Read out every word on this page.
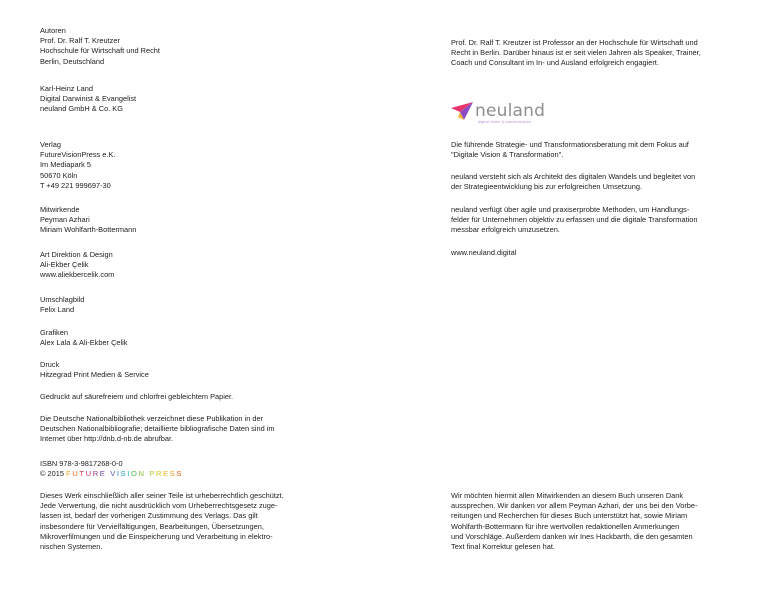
Autoren
Prof. Dr. Ralf T. Kreutzer
Hochschule für Wirtschaft und Recht
Berlin, Deutschland
Karl-Heinz Land
Digital Darwinist & Evangelist
neuland GmbH & Co. KG
Verlag
FutureVisionPress e.K.
Im Mediapark 5
50670 Köln
T +49 221 999697-30
Mitwirkende
Peyman Azhari
Miriam Wohlfarth-Bottermann
Art Direktion & Design
Ali-Ekber Çelik
www.aliekbercelik.com
Umschlagbild
Felix Land
Grafiken
Alex Lala & Ali-Ekber Çelik
Druck
Hitzegrad Print Medien & Service
Gedruckt auf säurefreiem und chlorfrei gebleichtem Papier.
Die Deutsche Nationalbibliothek verzeichnet diese Publikation in der
Deutschen Nationalbibliografie; detaillierte bibliografische Daten sind im
Internet über http://dnb.d-nb.de abrufbar.
ISBN 978-3-9817268-0-0
© 2015 FUTURE VISION PRESS
Dieses Werk einschließlich aller seiner Teile ist urheberrechtlich geschützt.
Jede Verwertung, die nicht ausdrücklich vom Urheberrechtsgesetz zuge-
lassen ist, bedarf der vorherigen Zustimmung des Verlags. Das gilt
insbesondere für Vervielfältigungen, Bearbeitungen, Übersetzungen,
Mikroverfilmungen und die Einspeicherung und Verarbeitung in elektro-
nischen Systemen.
Prof. Dr. Ralf T. Kreutzer ist Professor an der Hochschule für Wirtschaft und
Recht in Berlin. Darüber hinaus ist er seit vielen Jahren als Speaker, Trainer,
Coach und Consultant im In- und Ausland erfolgreich engagiert.
neuland
digital vision & transformation
Die führende Strategie- und Transformationsberatung mit dem Fokus auf
"Digitale Vision & Transformation".
neuland versteht sich als Architekt des digitalen Wandels und begleitet von
der Strategieentwicklung bis zur erfolgreichen Umsetzung.
neuland verfügt über agile und praxiserprobte Methoden, um Handlungs-
felder für Unternehmen objektiv zu erfassen und die digitale Transformation
messbar erfolgreich umzusetzen.
www.neuland.digital
Wir möchten hiermit allen Mitwirkenden an diesem Buch unseren Dank
aussprechen. Wir danken vor allem Peyman Azhari, der uns bei den Vorbe-
reitungen und Recherchen für dieses Buch unterstützt hat, sowie Miriam
Wohlfarth-Bottermann für ihre wertvollen redaktionellen Anmerkungen
und Vorschläge. Außerdem danken wir Ines Hackbarth, die den gesamten
Text final Korrektur gelesen hat.
